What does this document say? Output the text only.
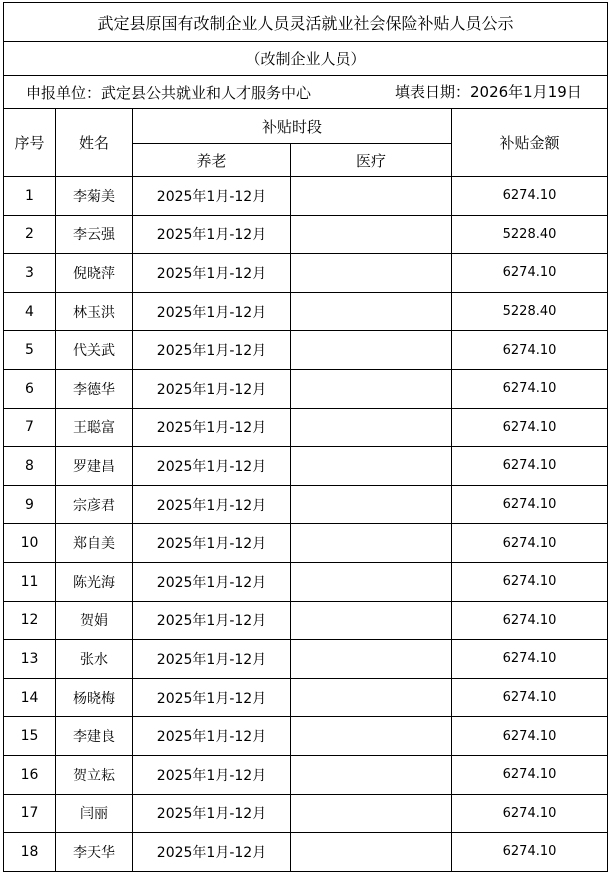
武定县原国有改制企业人员灵活就业社会保险补贴人员公示				
（改制企业人员）				
申报单位：武定县公共就业和人才服务中心 填表日期：2026年1月19日				

序号	姓名	补贴时段		补贴金额
		养老	医疗	
1	李菊美	2025年1月-12月		6274.10
2	李云强	2025年1月-12月		5228.40
3	倪晓萍	2025年1月-12月		6274.10
4	林玉洪	2025年1月-12月		5228.40
5	代关武	2025年1月-12月		6274.10
6	李德华	2025年1月-12月		6274.10
7	王聪富	2025年1月-12月		6274.10
8	罗建昌	2025年1月-12月		6274.10
9	宗彦君	2025年1月-12月		6274.10
10	郑自美	2025年1月-12月		6274.10
11	陈光海	2025年1月-12月		6274.10
12	贺娟	2025年1月-12月		6274.10
13	张水	2025年1月-12月		6274.10
14	杨晓梅	2025年1月-12月		6274.10
15	李建良	2025年1月-12月		6274.10
16	贺立耘	2025年1月-12月		6274.10
17	闫丽	2025年1月-12月		6274.10
18	李天华	2025年1月-12月		6274.10
